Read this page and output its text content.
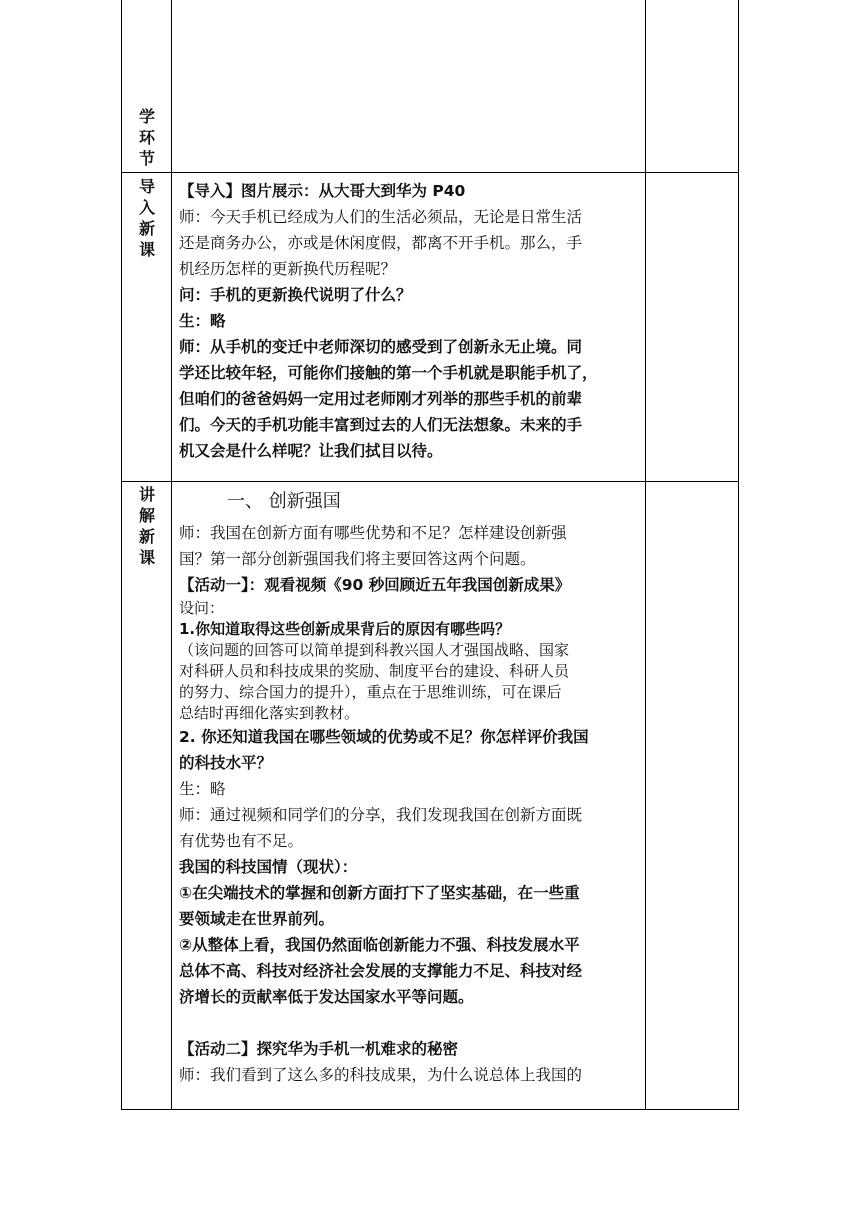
学
环
节
导
入
新
课
讲
解
新
课

【导入】图片展示：从大哥大到华为 P40

师：今天手机已经成为人们的生活必须品，无论是日常生活

还是商务办公，亦或是休闲度假，都离不开手机。那么，手

机经历怎样的更新换代历程呢？

问：手机的更新换代说明了什么？

生：略

师：从手机的变迁中老师深切的感受到了创新永无止境。同

学还比较年轻，可能你们接触的第一个手机就是职能手机了，

但咱们的爸爸妈妈一定用过老师刚才列举的那些手机的前辈

们。今天的手机功能丰富到过去的人们无法想象。未来的手

机又会是什么样呢？让我们拭目以待。

一、 创新强国

师：我国在创新方面有哪些优势和不足？怎样建设创新强

国？第一部分创新强国我们将主要回答这两个问题。

【活动一】：观看视频《90 秒回顾近五年我国创新成果》

设问：

1.你知道取得这些创新成果背后的原因有哪些吗？

（该问题的回答可以简单提到科教兴国人才强国战略、国家

对科研人员和科技成果的奖励、制度平台的建设、科研人员

的努力、综合国力的提升），重点在于思维训练，可在课后

总结时再细化落实到教材。

2. 你还知道我国在哪些领域的优势或不足？你怎样评价我国

的科技水平？

生：略

师：通过视频和同学们的分享，我们发现我国在创新方面既

有优势也有不足。

我国的科技国情（现状）：

①在尖端技术的掌握和创新方面打下了坚实基础，在一些重

要领域走在世界前列。

②从整体上看，我国仍然面临创新能力不强、科技发展水平

总体不高、科技对经济社会发展的支撑能力不足、科技对经

济增长的贡献率低于发达国家水平等问题。

【活动二】探究华为手机一机难求的秘密

师：我们看到了这么多的科技成果，为什么说总体上我国的
